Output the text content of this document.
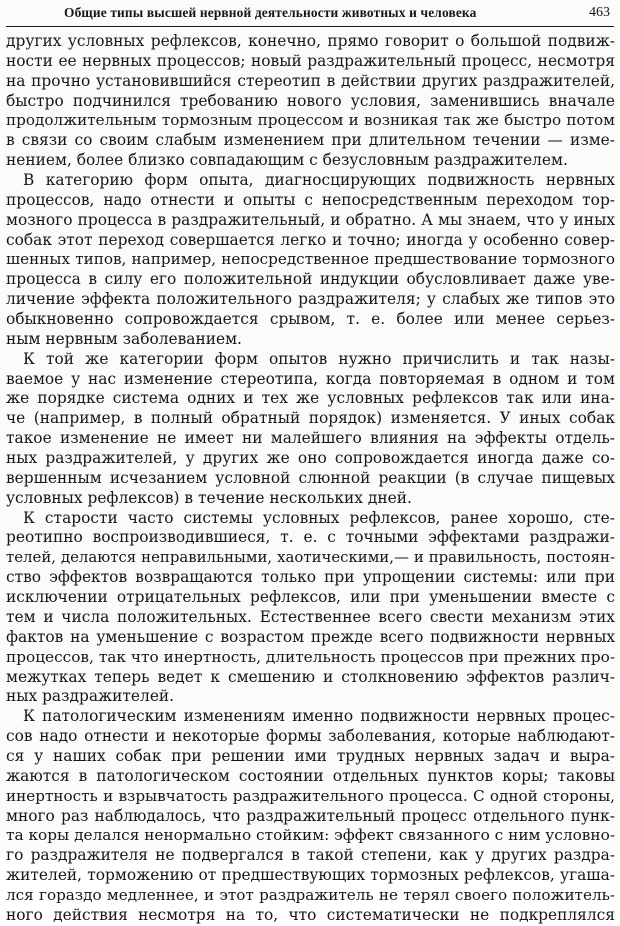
Общие типы высшей нервной деятельности животных и человека	463
других условных рефлексов, конечно, прямо говорит о большой подвиж-
ности ее нервных процессов; новый раздражительный процесс, несмотря
на прочно установившийся стереотип в действии других раздражителей,
быстро подчинился требованию нового условия, заменившись вначале
продолжительным тормозным процессом и возникая так же быстро потом
в связи со своим слабым изменением при длительном течении — изме-
нением, более близко совпадающим с безусловным раздражителем.
В категорию форм опыта, диагносцирующих подвижность нервных
процессов, надо отнести и опыты с непосредственным переходом тор-
мозного процесса в раздражительный, и обратно. А мы знаем, что у иных
собак этот переход совершается легко и точно; иногда у особенно совер-
шенных типов, например, непосредственное предшествование тормозного
процесса в силу его положительной индукции обусловливает даже уве-
личение эффекта положительного раздражителя; у слабых же типов это
обыкновенно сопровождается срывом, т. е. более или менее серьез-
ным нервным заболеванием.
К той же категории форм опытов нужно причислить и так назы-
ваемое у нас изменение стереотипа, когда повторяемая в одном и том
же порядке система одних и тех же условных рефлексов так или ина-
че (например, в полный обратный порядок) изменяется. У иных собак
такое изменение не имеет ни малейшего влияния на эффекты отдель-
ных раздражителей, у других же оно сопровождается иногда даже со-
вершенным исчезанием условной слюнной реакции (в случае пищевых
условных рефлексов) в течение нескольких дней.
К старости часто системы условных рефлексов, ранее хорошо, сте-
реотипно воспроизводившиеся, т. е. с точными эффектами раздражи-
телей, делаются неправильными, хаотическими,— и правильность, постоян-
ство эффектов возвращаются только при упрощении системы: или при
исключении отрицательных рефлексов, или при уменьшении вместе с
тем и числа положительных. Естественнее всего свести механизм этих
фактов на уменьшение с возрастом прежде всего подвижности нервных
процессов, так что инертность, длительность процессов при прежних про-
межутках теперь ведет к смешению и столкновению эффектов различ-
ных раздражителей.
К патологическим изменениям именно подвижности нервных процес-
сов надо отнести и некоторые формы заболевания, которые наблюдают-
ся у наших собак при решении ими трудных нервных задач и выра-
жаются в патологическом состоянии отдельных пунктов коры; таковы
инертность и взрывчатость раздражительного процесса. С одной стороны,
много раз наблюдалось, что раздражительный процесс отдельного пунк-
та коры делался ненормально стойким: эффект связанного с ним условно-
го раздражителя не подвергался в такой степени, как у других раздра-
жителей, торможению от предшествующих тормозных рефлексов, угаша-
лся гораздо медленнее, и этот раздражитель не терял своего положитель-
ного действия несмотря на то, что систематически не подкреплялся
